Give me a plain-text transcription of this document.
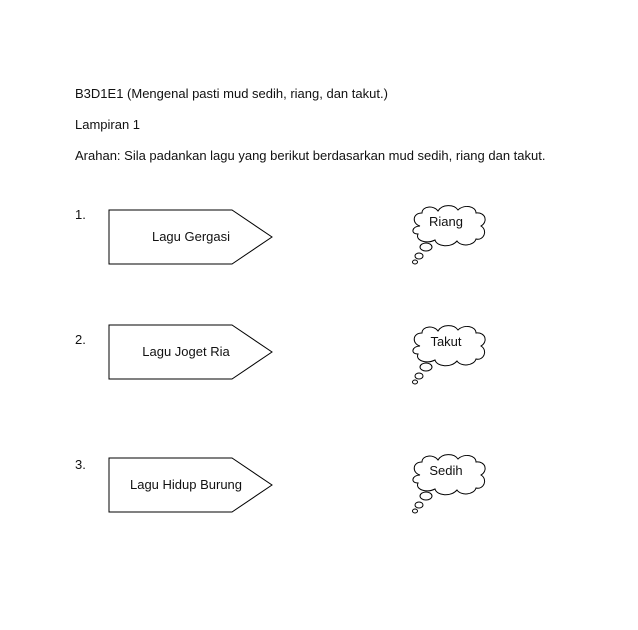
B3D1E1 (Mengenal pasti mud sedih, riang, dan takut.)
Lampiran 1
Arahan: Sila padankan lagu yang berikut berdasarkan mud sedih, riang dan takut.
1.
Lagu Gergasi
Riang
2.
Lagu Joget Ria
Takut
3.
Lagu Hidup Burung
Sedih
